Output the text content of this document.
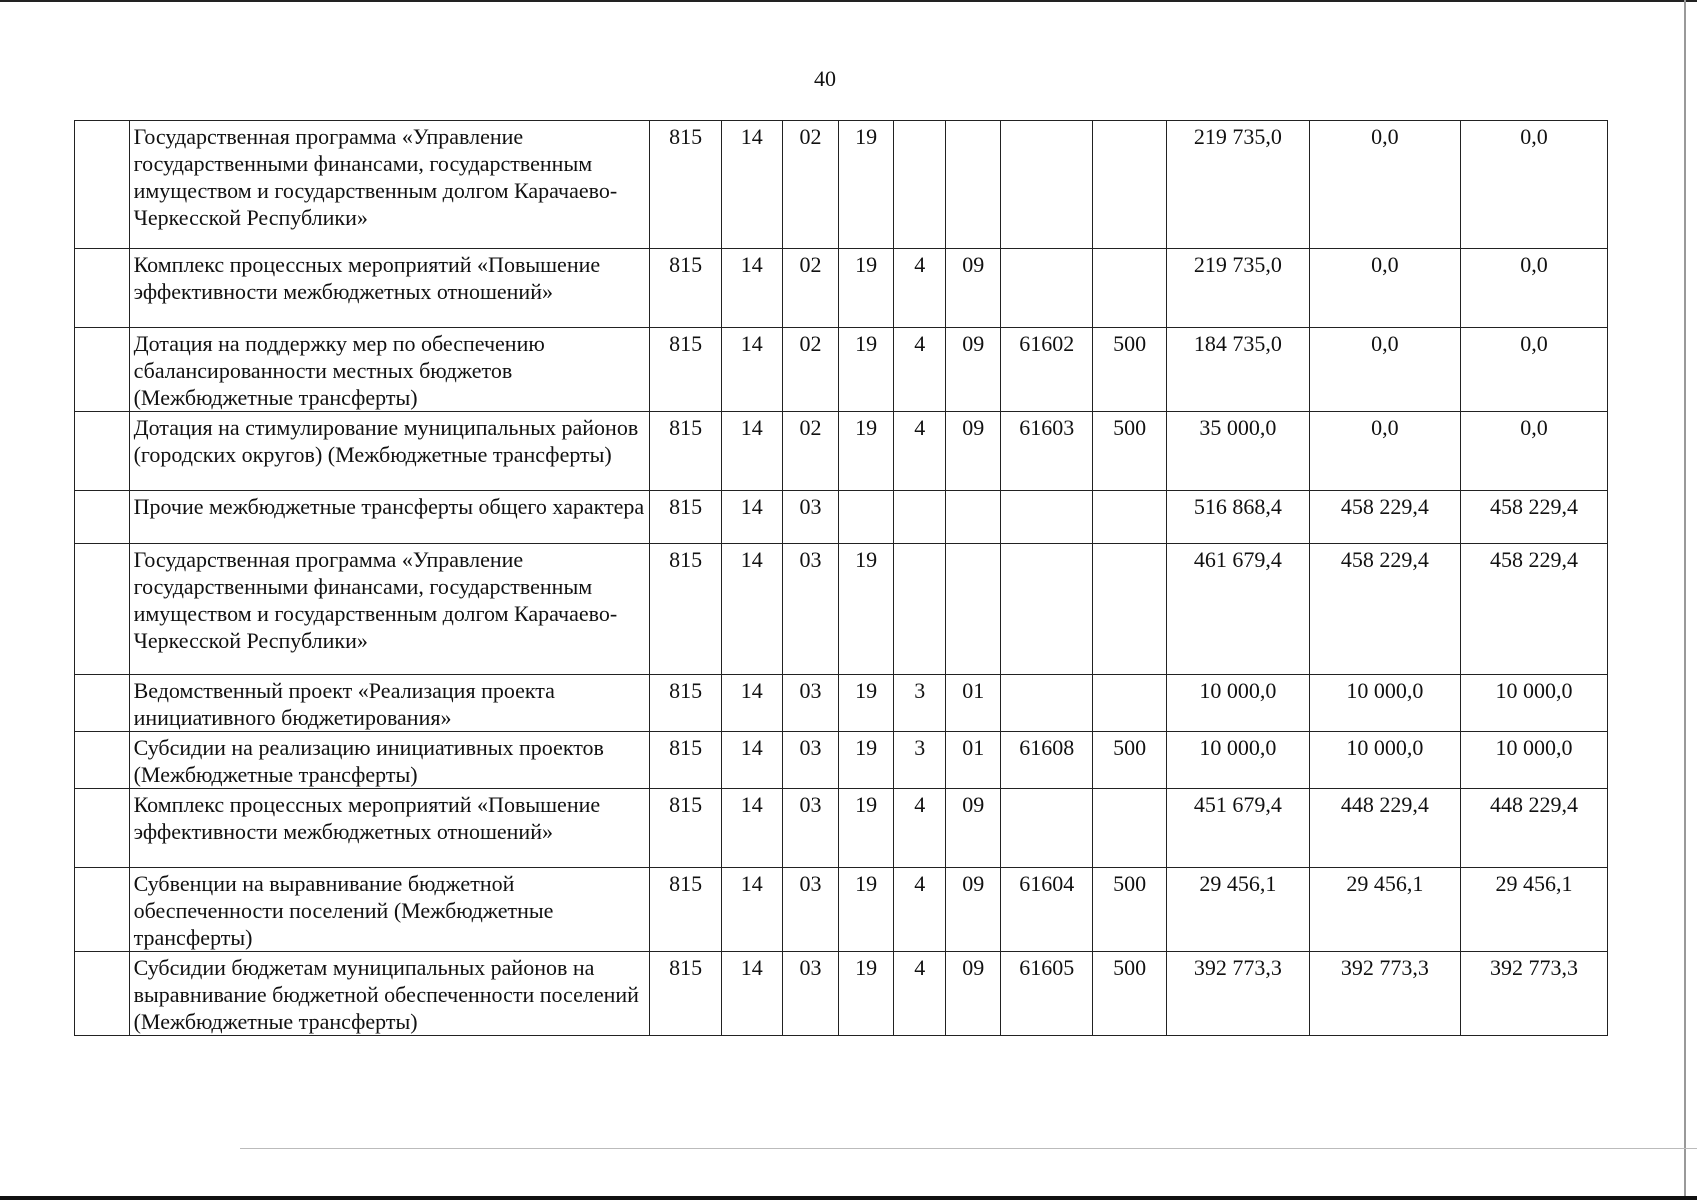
40
	Государственная программа «Управление государственными финансами, государственным имуществом и государственным долгом Карачаево-Черкесской Республики»	815	14	02	19					219 735,0	0,0	0,0
	Комплекс процессных мероприятий «Повышение эффективности межбюджетных отношений»	815	14	02	19	4	09			219 735,0	0,0	0,0
	Дотация на поддержку мер по обеспечению сбалансированности местных бюджетов (Межбюджетные трансферты)	815	14	02	19	4	09	61602	500	184 735,0	0,0	0,0
	Дотация на стимулирование муниципальных районов (городских округов) (Межбюджетные трансферты)	815	14	02	19	4	09	61603	500	35 000,0	0,0	0,0
	Прочие межбюджетные трансферты общего характера	815	14	03						516 868,4	458 229,4	458 229,4
	Государственная программа «Управление государственными финансами, государственным имуществом и государственным долгом Карачаево-Черкесской Республики»	815	14	03	19					461 679,4	458 229,4	458 229,4
	Ведомственный проект «Реализация проекта инициативного бюджетирования»	815	14	03	19	3	01			10 000,0	10 000,0	10 000,0
	Субсидии на реализацию инициативных проектов (Межбюджетные трансферты)	815	14	03	19	3	01	61608	500	10 000,0	10 000,0	10 000,0
	Комплекс процессных мероприятий «Повышение эффективности межбюджетных отношений»	815	14	03	19	4	09			451 679,4	448 229,4	448 229,4
	Субвенции на выравнивание бюджетной обеспеченности поселений (Межбюджетные трансферты)	815	14	03	19	4	09	61604	500	29 456,1	29 456,1	29 456,1
	Субсидии бюджетам муниципальных районов на выравнивание бюджетной обеспеченности поселений (Межбюджетные трансферты)	815	14	03	19	4	09	61605	500	392 773,3	392 773,3	392 773,3
